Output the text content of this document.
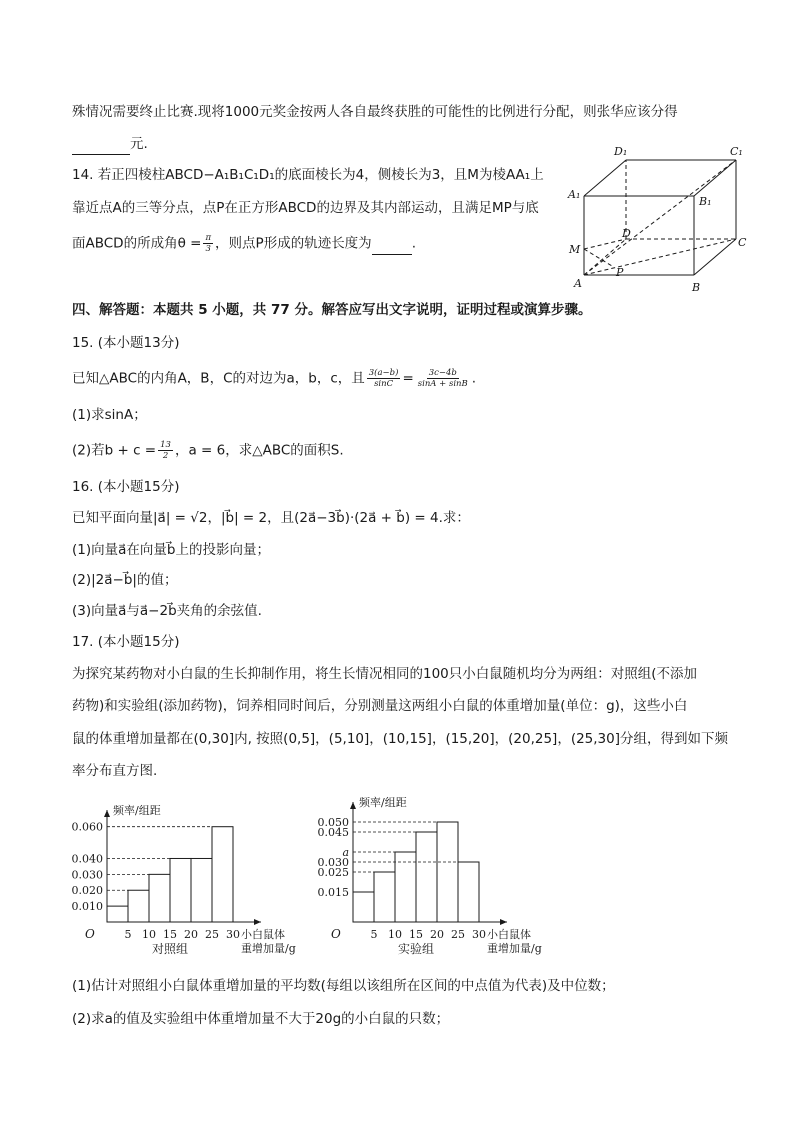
殊情况需要终止比赛.现将1000元奖金按两人各自最终获胜的可能性的比例进行分配，则张华应该分得
元.
14. 若正四棱柱ABCD−A₁B₁C₁D₁的底面棱长为4，侧棱长为3，且M为棱AA₁上
靠近点A的三等分点，点P在正方形ABCD的边界及其内部运动，且满足MP与底
面ABCD的所成角$\theta = \frac{\pi}{3}$ ，则点P形成的轨迹长度为	.
D₁	C₁
A₁
B₁
D
C
M
P
A	B
四、解答题：本题共 5 小题，共 77 分。解答应写出文字说明，证明过程或演算步骤。
15. (本小题13分)
已知△ABC的内角A，B，C的对边为a，b，c，且 $\frac{3(a-b)}{\sin C} = \frac{3c-4b}{\sin A + \sin B}$ .
(1)求sinA；
(2)若$b + c = \frac{13}{2}$ ，a = 6，求△ABC的面积S.
16. (本小题15分)
已知平面向量|a⃗| = √2，|b⃗| = 2，且(2a⃗−3b⃗)·(2a⃗ + b⃗) = 4.求：
(1)向量a⃗在向量b⃗上的投影向量；
(2)|2a⃗−b⃗|的值；
(3)向量a⃗与a⃗−2b⃗夹角的余弦值.
17. (本小题15分)
为探究某药物对小白鼠的生长抑制作用，将生长情况相同的100只小白鼠随机均分为两组：对照组(不添加
药物)和实验组(添加药物)，饲养相同时间后，分别测量这两组小白鼠的体重增加量(单位：g)，这些小白
鼠的体重增加量都在(0,30]内, 按照(0,5]，(5,10]，(10,15]，(15,20]，(20,25]，(25,30]分组，得到如下频
率分布直方图.
0.010
0.020
0.030
0.040
0.060
频率/组距
O	5 10 15 20 25 30 小白鼠体
重增加量/g
对照组
0.015
0.025
0.030
a
0.045
0.050
频率/组距
O	5 10 15 20 25 30 小白鼠体
重增加量/g
实验组
(1)估计对照组小白鼠体重增加量的平均数(每组以该组所在区间的中点值为代表)及中位数；
(2)求a的值及实验组中体重增加量不大于20g的小白鼠的只数；
